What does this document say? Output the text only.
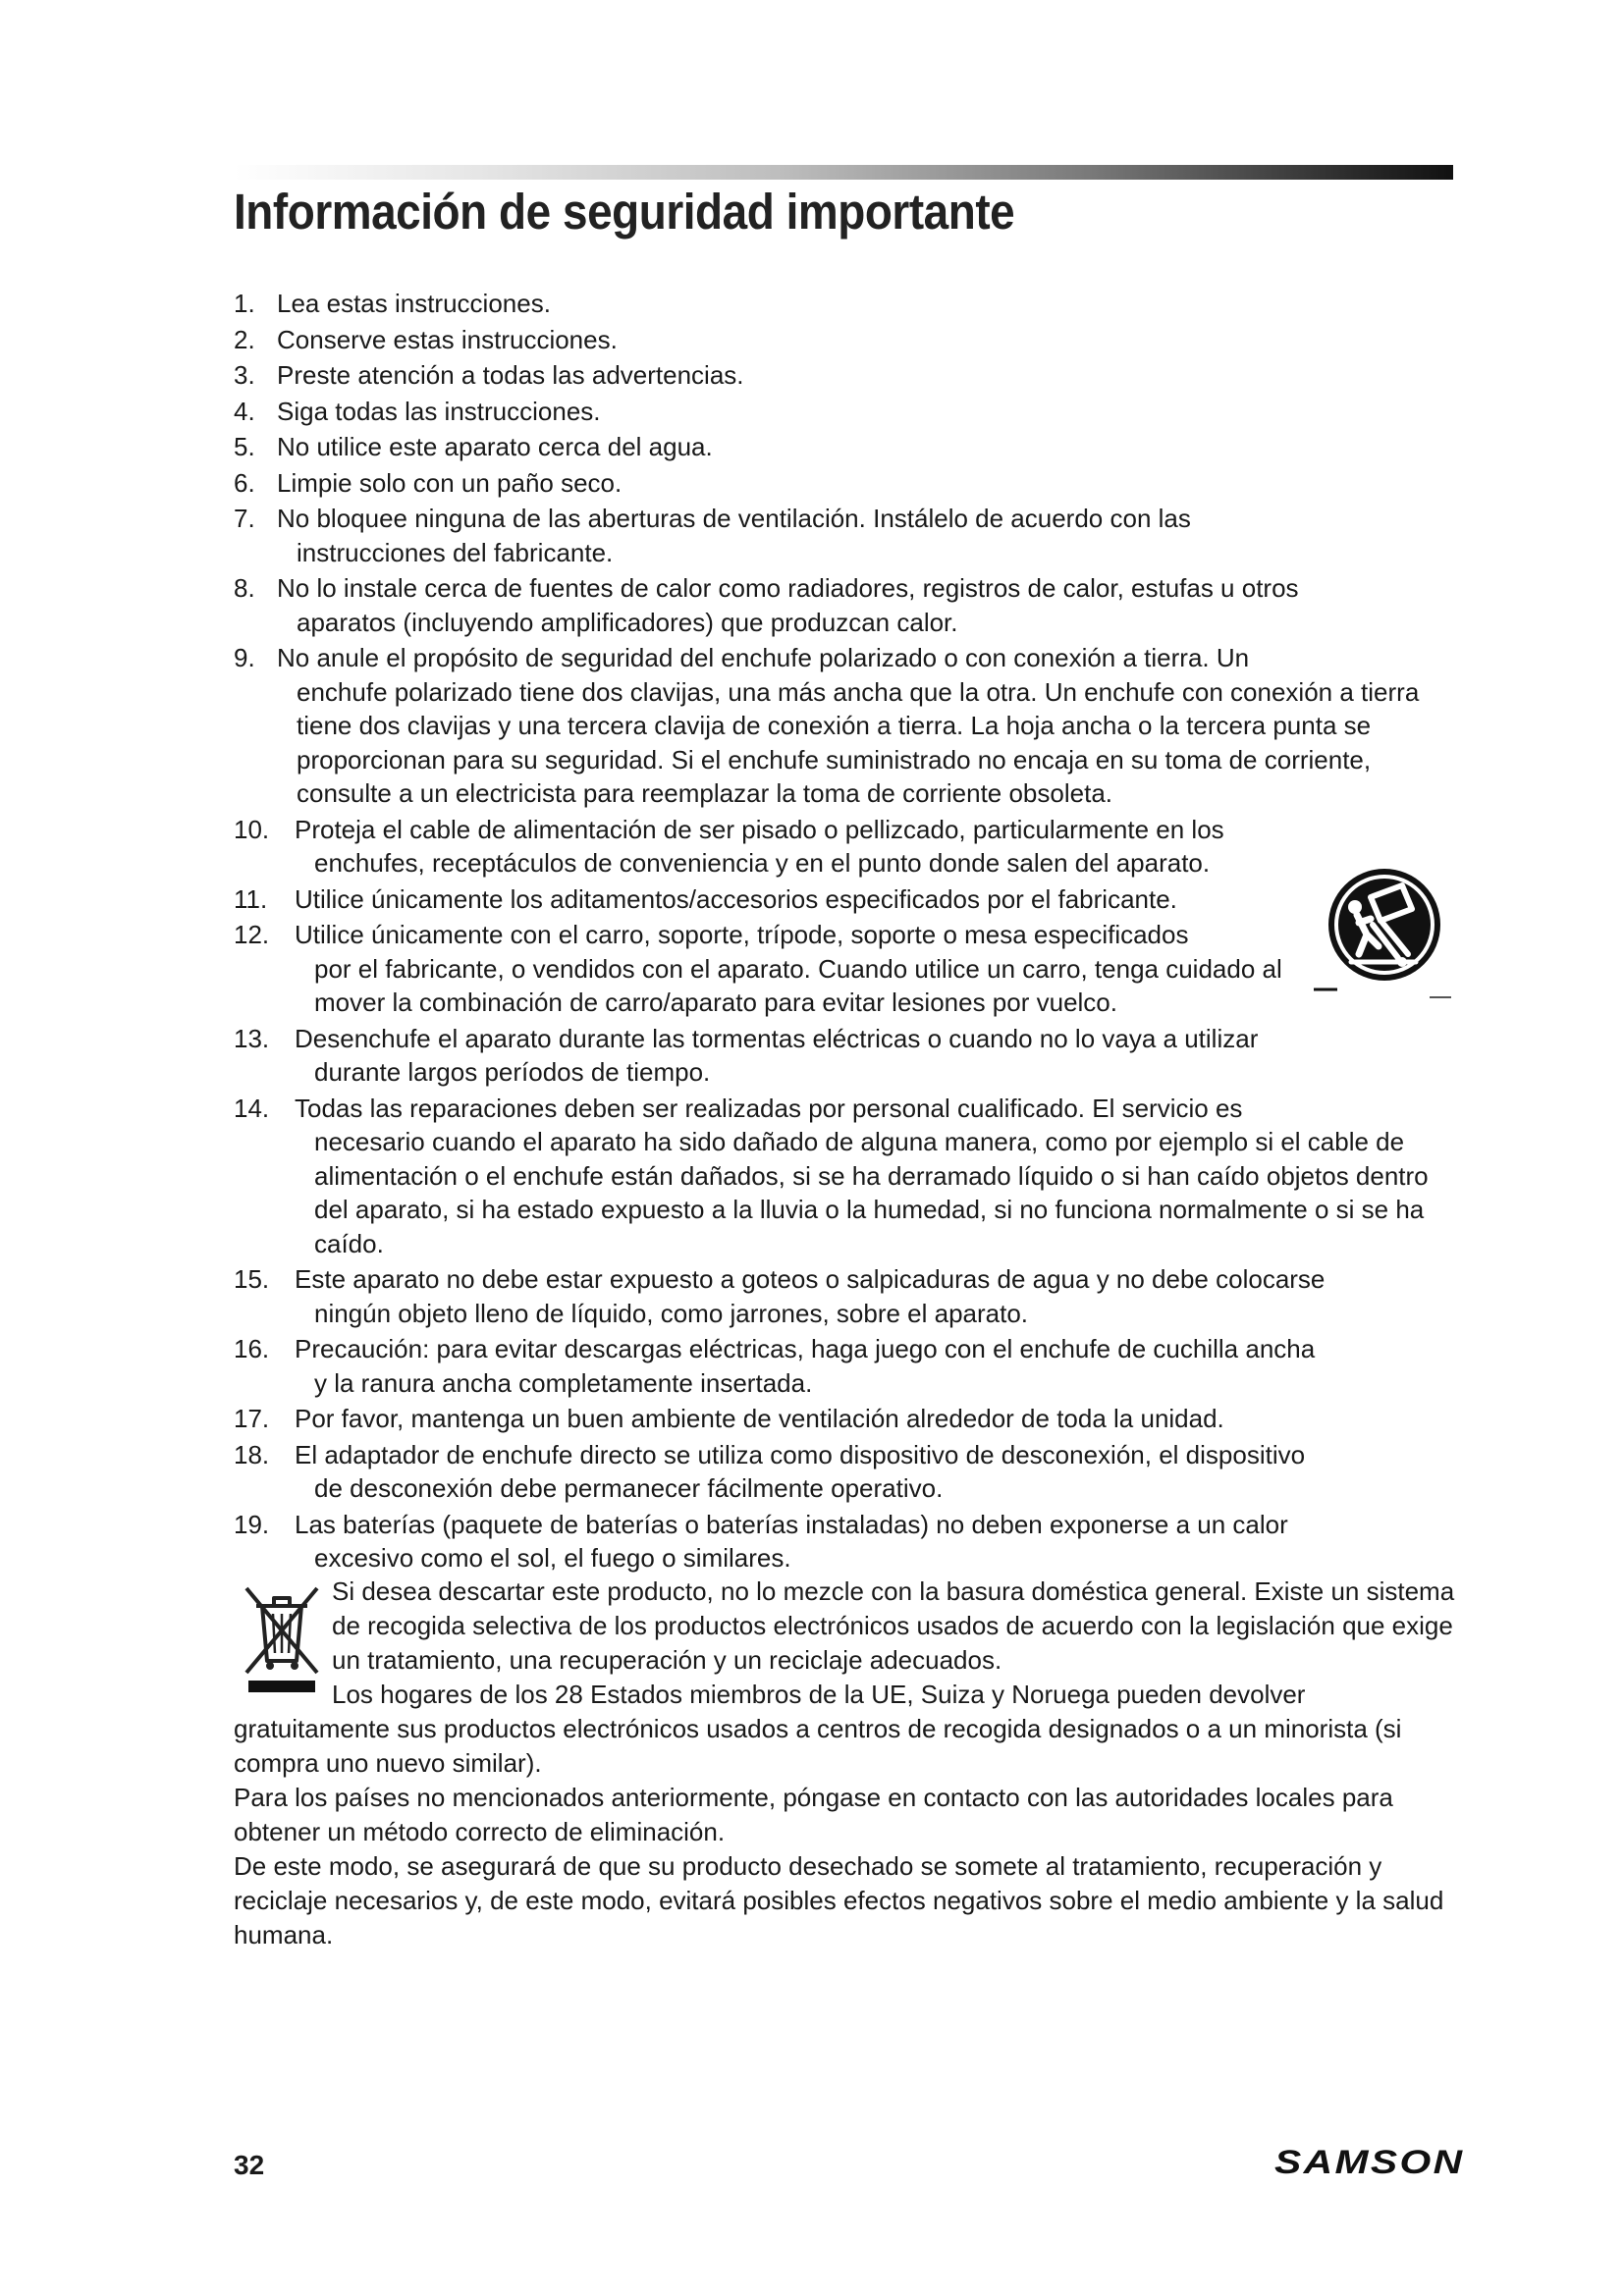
Información de seguridad importante
1. Lea estas instrucciones.
2. Conserve estas instrucciones.
3. Preste atención a todas las advertencias.
4. Siga todas las instrucciones.
5. No utilice este aparato cerca del agua.
6. Limpie solo con un paño seco.
7. No bloquee ninguna de las aberturas de ventilación. Instálelo de acuerdo con las
instrucciones del fabricante.
8. No lo instale cerca de fuentes de calor como radiadores, registros de calor, estufas u otros
aparatos (incluyendo amplificadores) que produzcan calor.
9. No anule el propósito de seguridad del enchufe polarizado o con conexión a tierra. Un
enchufe polarizado tiene dos clavijas, una más ancha que la otra. Un enchufe con conexión a tierra tiene dos clavijas y una tercera clavija de conexión a tierra. La hoja ancha o la tercera punta se proporcionan para su seguridad. Si el enchufe suministrado no encaja en su toma de corriente, consulte a un electricista para reemplazar la toma de corriente obsoleta.
10. Proteja el cable de alimentación de ser pisado o pellizcado, particularmente en los
enchufes, receptáculos de conveniencia y en el punto donde salen del aparato.
11.	Utilice únicamente los aditamentos/accesorios especificados por el fabricante.
12. Utilice únicamente con el carro, soporte, trípode, soporte o mesa especificados
por el fabricante, o vendidos con el aparato. Cuando utilice un carro, tenga cuidado al mover la combinación de carro/aparato para evitar lesiones por vuelco.
13. Desenchufe el aparato durante las tormentas eléctricas o cuando no lo vaya a utilizar
durante largos períodos de tiempo.
14. Todas las reparaciones deben ser realizadas por personal cualificado. El servicio es
necesario cuando el aparato ha sido dañado de alguna manera, como por ejemplo si el cable de alimentación o el enchufe están dañados, si se ha derramado líquido o si han caído objetos dentro del aparato, si ha estado expuesto a la lluvia o la humedad, si no funciona normalmente o si se ha caído.
15. Este aparato no debe estar expuesto a goteos o salpicaduras de agua y no debe colocarse
ningún objeto lleno de líquido, como jarrones, sobre el aparato.
16. Precaución: para evitar descargas eléctricas, haga juego con el enchufe de cuchilla ancha
y la ranura ancha completamente insertada.
17. Por favor, mantenga un buen ambiente de ventilación alrededor de toda la unidad.
18. El adaptador de enchufe directo se utiliza como dispositivo de desconexión, el dispositivo
de desconexión debe permanecer fácilmente operativo.
19. Las baterías (paquete de baterías o baterías instaladas) no deben exponerse a un calor
excesivo como el sol, el fuego o similares.

Si desea descartar este producto, no lo mezcle con la basura doméstica general. Existe un sistema de recogida selectiva de los productos electrónicos usados de acuerdo con la legislación que exige un tratamiento, una recuperación y un reciclaje adecuados.

Los hogares de los 28 Estados miembros de la UE, Suiza y Noruega pueden devolver gratuitamente sus productos electrónicos usados a centros de recogida designados o a un minorista (si compra uno nuevo similar).

Para los países no mencionados anteriormente, póngase en contacto con las autoridades locales para obtener un método correcto de eliminación.

De este modo, se asegurará de que su producto desechado se somete al tratamiento, recuperación y reciclaje necesarios y, de este modo, evitará posibles efectos negativos sobre el medio ambiente y la salud humana.

32	SAMSON
